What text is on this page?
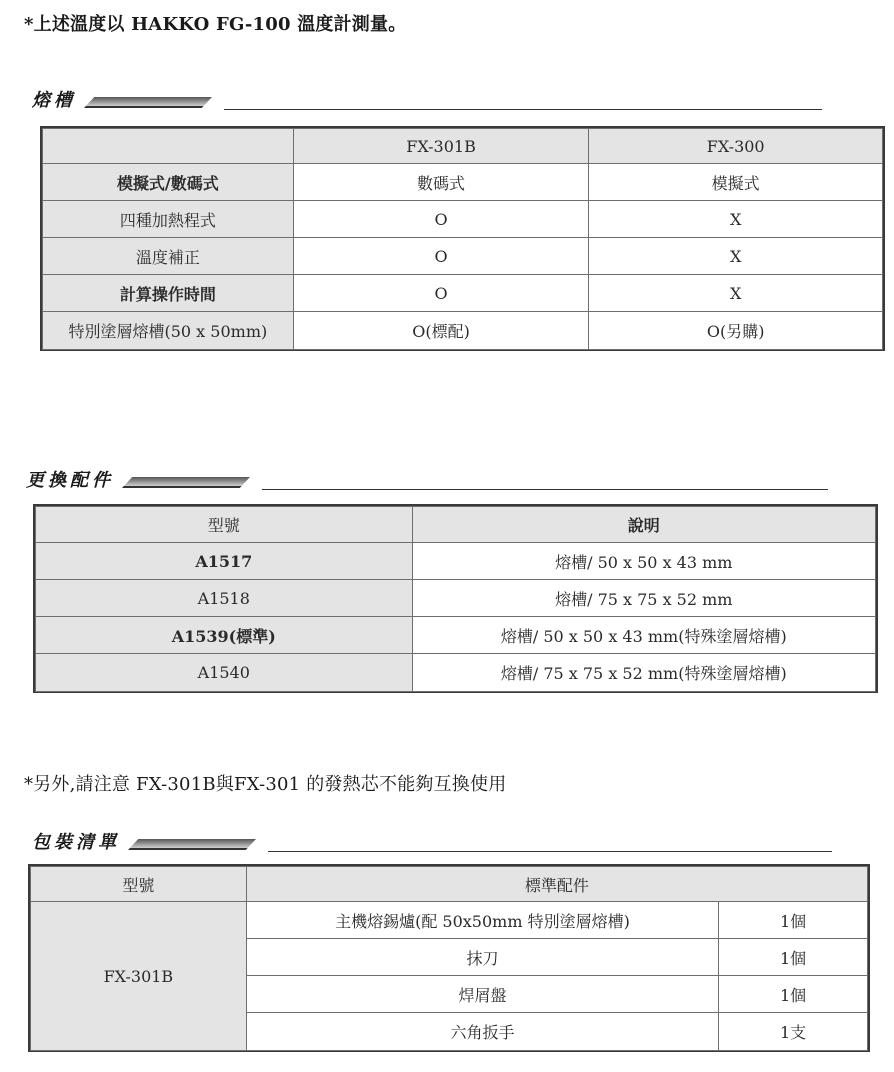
*上述溫度以 HAKKO FG-100 溫度計測量。
熔槽
	FX-301B	FX-300
模擬式/數碼式	數碼式	模擬式
四種加熱程式	O	X
溫度補正	O	X
計算操作時間	O	X
特別塗層熔槽(50 x 50mm)	O(標配)	O(另購)
更換配件
型號	說明
A1517	熔槽/ 50 x 50 x 43 mm
A1518	熔槽/ 75 x 75 x 52 mm
A1539(標準)	熔槽/ 50 x 50 x 43 mm(特殊塗層熔槽)
A1540	熔槽/ 75 x 75 x 52 mm(特殊塗層熔槽)
*另外,請注意 FX-301B與FX-301 的發熱芯不能夠互換使用
包裝清單
型號	標準配件	
FX-301B	主機熔錫爐(配 50x50mm 特別塗層熔槽)	1個
	抹刀	1個
	焊屑盤	1個
	六角扳手	1支
